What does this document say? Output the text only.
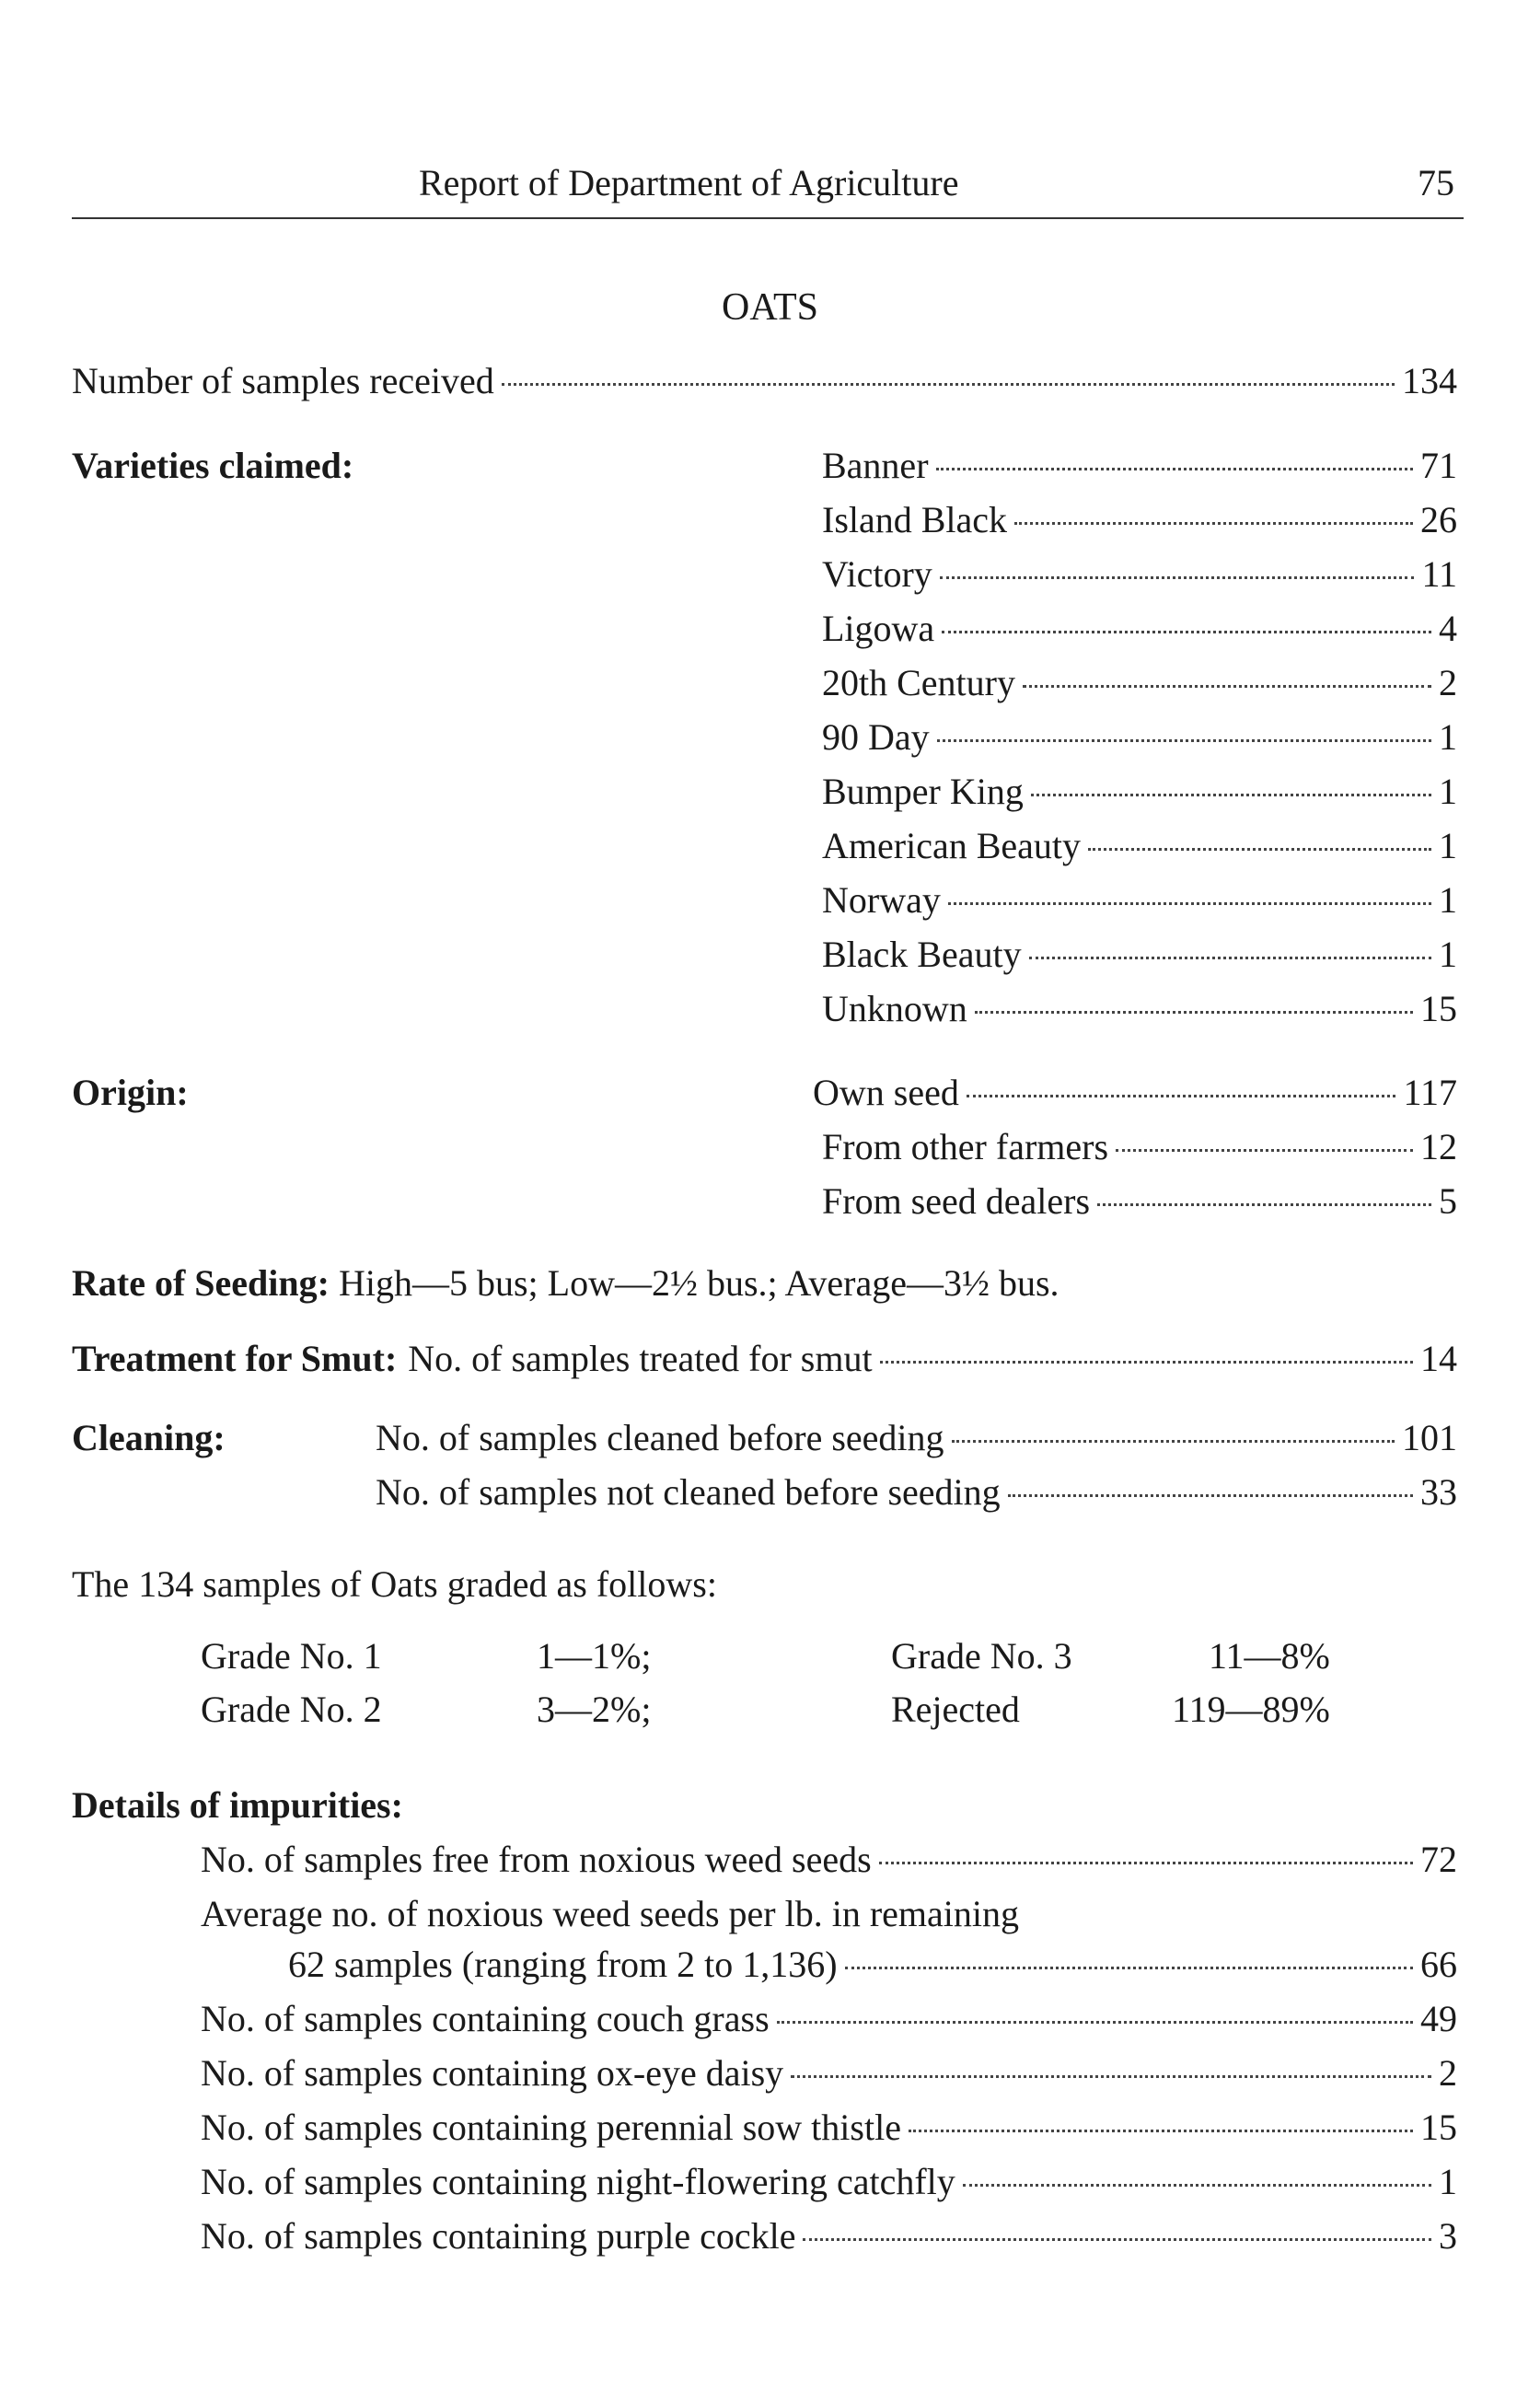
Report of Department of Agriculture	75
OATS
Number of samples received	134
Varieties claimed:	Banner	71
Island Black	26
Victory	11
Ligowa	4
20th Century	2
90 Day	1
Bumper King	1
American Beauty	1
Norway	1
Black Beauty	1
Unknown	15
Origin:	Own seed	117
From other farmers	12
From seed dealers	5
Rate of Seeding: High—5 bus; Low—2½ bus.; Average—3½ bus.
Treatment for Smut: No. of samples treated for smut	14
Cleaning:	No. of samples cleaned before seeding	101
No. of samples not cleaned before seeding	33
The 134 samples of Oats graded as follows:
Grade No. 1	1—1%;	Grade No. 3	11—8%
Grade No. 2	3—2%;	Rejected	119—89%
Details of impurities:
No. of samples free from noxious weed seeds	72
Average no. of noxious weed seeds per lb. in remaining
62 samples (ranging from 2 to 1,136)	66
No. of samples containing couch grass	49
No. of samples containing ox-eye daisy	2
No. of samples containing perennial sow thistle	15
No. of samples containing night-flowering catchfly	1
No. of samples containing purple cockle	3
